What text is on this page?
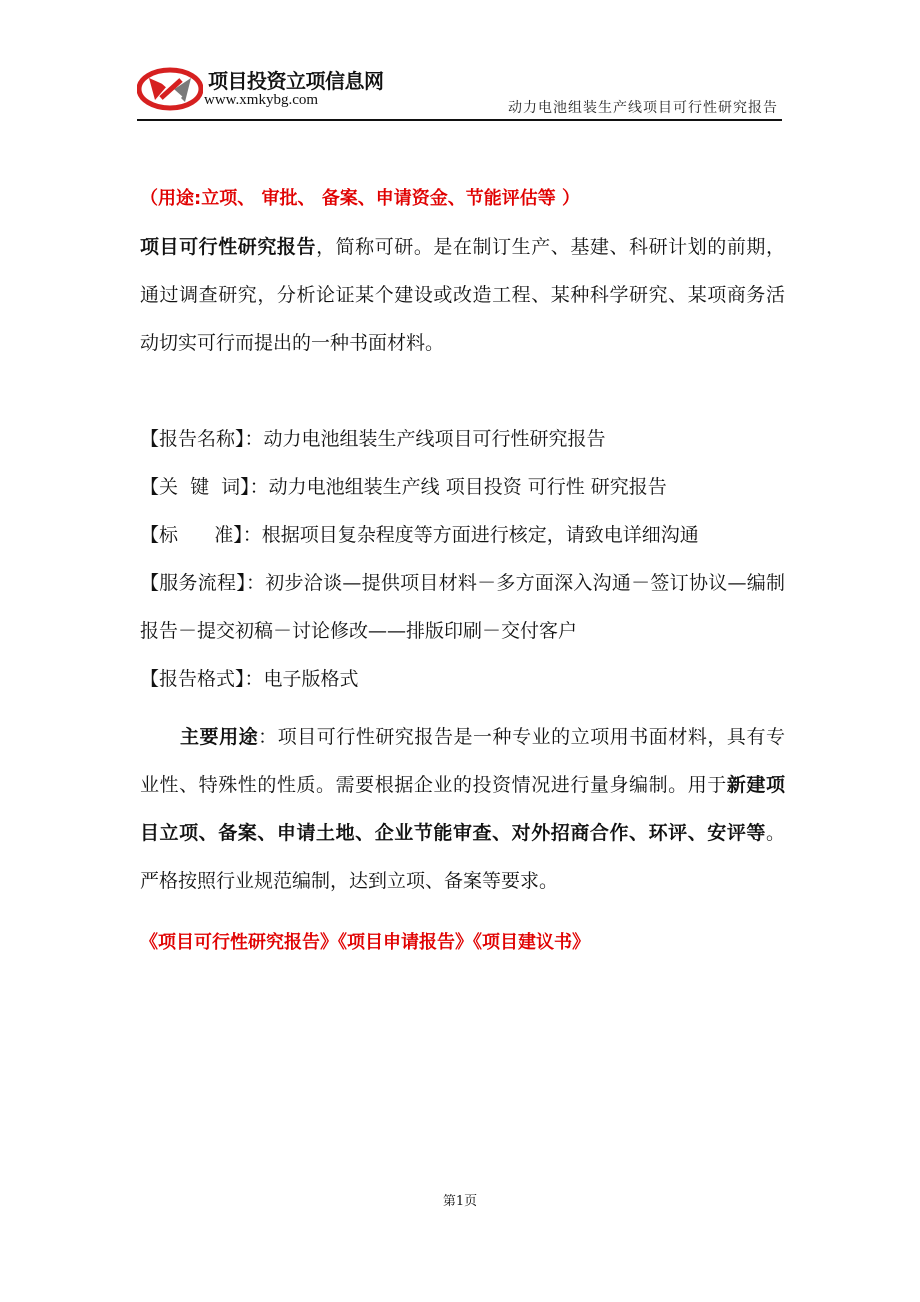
项目投资立项信息网
www.xmkybg.com	动力电池组装生产线项目可行性研究报告
（用途:立项、 审批、 备案、申请资金、节能评估等 ）
项目可行性研究报告，简称可研。是在制订生产、基建、科研计划的前期，通过调查研究，分析论证某个建设或改造工程、某种科学研究、某项商务活动切实可行而提出的一种书面材料。
【报告名称】：动力电池组装生产线项目可行性研究报告
【关  键  词】：动力电池组装生产线 项目投资 可行性 研究报告
【标      准】：根据项目复杂程度等方面进行核定，请致电详细沟通
【服务流程】：初步洽谈—提供项目材料－多方面深入沟通－签订协议—编制报告－提交初稿－讨论修改——排版印刷－交付客户
【报告格式】：电子版格式
主要用途：项目可行性研究报告是一种专业的立项用书面材料，具有专业性、特殊性的性质。需要根据企业的投资情况进行量身编制。用于新建项目立项、备案、申请土地、企业节能审查、对外招商合作、环评、安评等。 严格按照行业规范编制，达到立项、备案等要求。
《项目可行性研究报告》《项目申请报告》《项目建议书》
第1页
